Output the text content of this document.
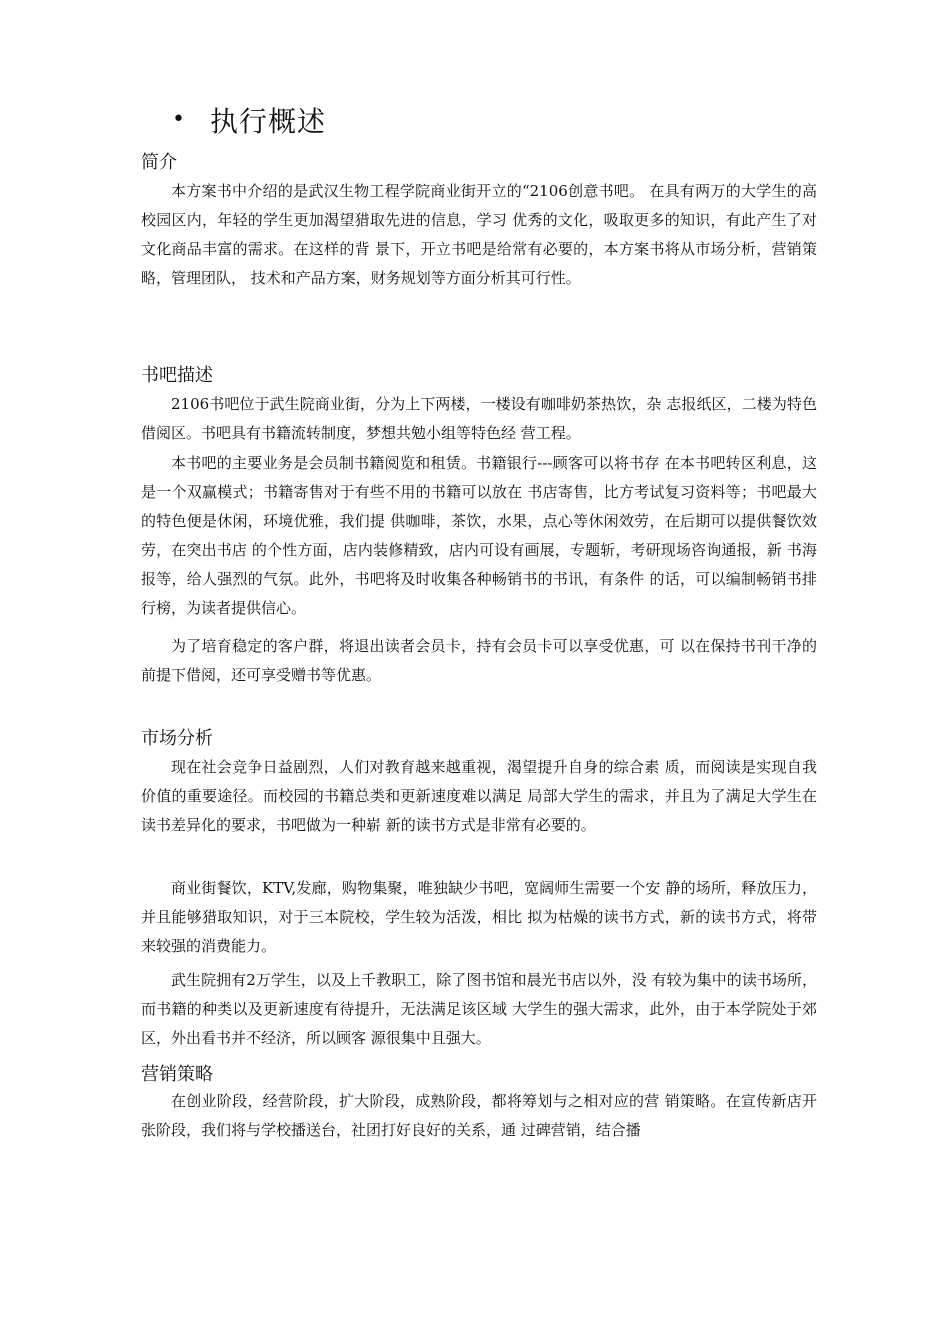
• 执行概述
简介

本方案书中介绍的是武汉生物工程学院商业街开立的“2106创意书吧。 在具有两万的大学生的高校园区内，年轻的学生更加渴望猎取先进的信息，学习 优秀的文化，吸取更多的知识，有此产生了对文化商品丰富的需求。在这样的背 景下，开立书吧是给常有必要的，本方案书将从市场分析，营销策略，管理团队， 技术和产品方案，财务规划等方面分析其可行性。

书吧描述

2106书吧位于武生院商业街，分为上下两楼，一楼设有咖啡奶茶热饮，杂 志报纸区，二楼为特色借阅区。书吧具有书籍流转制度，梦想共勉小组等特色经 营工程。

本书吧的主要业务是会员制书籍阅览和租赁。书籍银行---顾客可以将书存 在本书吧转区利息，这是一个双赢模式；书籍寄售对于有些不用的书籍可以放在 书店寄售，比方考试复习资料等；书吧最大的特色便是休闲，环境优雅，我们提 供咖啡，茶饮，水果，点心等休闲效劳，在后期可以提供餐饮效劳，在突出书店 的个性方面，店内装修精致，店内可设有画展，专题斩，考研现场咨询通报，新 书海报等，给人强烈的气氛。此外，书吧将及时收集各种畅销书的书讯，有条件 的话，可以编制畅销书排行榜，为读者提供信心。

为了培育稳定的客户群，将退出读者会员卡，持有会员卡可以享受优惠，可 以在保持书刊干净的前提下借阅，还可享受赠书等优惠。

市场分析

现在社会竞争日益剧烈，人们对教育越来越重视，渴望提升自身的综合素 质，而阅读是实现自我价值的重要途径。而校园的书籍总类和更新速度难以满足 局部大学生的需求，并且为了满足大学生在读书差异化的要求，书吧做为一种崭 新的读书方式是非常有必要的。

商业街餐饮，KTV,发廊，购物集聚，唯独缺少书吧，宽阔师生需要一个安 静的场所，释放压力，并且能够猎取知识，对于三本院校，学生较为活泼，相比 拟为枯燥的读书方式，新的读书方式，将带来较强的消费能力。

武生院拥有2万学生，以及上千教职工，除了图书馆和晨光书店以外，没 有较为集中的读书场所，而书籍的种类以及更新速度有待提升，无法满足该区域 大学生的强大需求，此外，由于本学院处于郊区，外出看书并不经济，所以顾客 源很集中且强大。

营销策略

在创业阶段，经营阶段，扩大阶段，成熟阶段，都将筹划与之相对应的营 销策略。在宣传新店开张阶段，我们将与学校播送台，社团打好良好的关系，通 过碑营销，结合播
